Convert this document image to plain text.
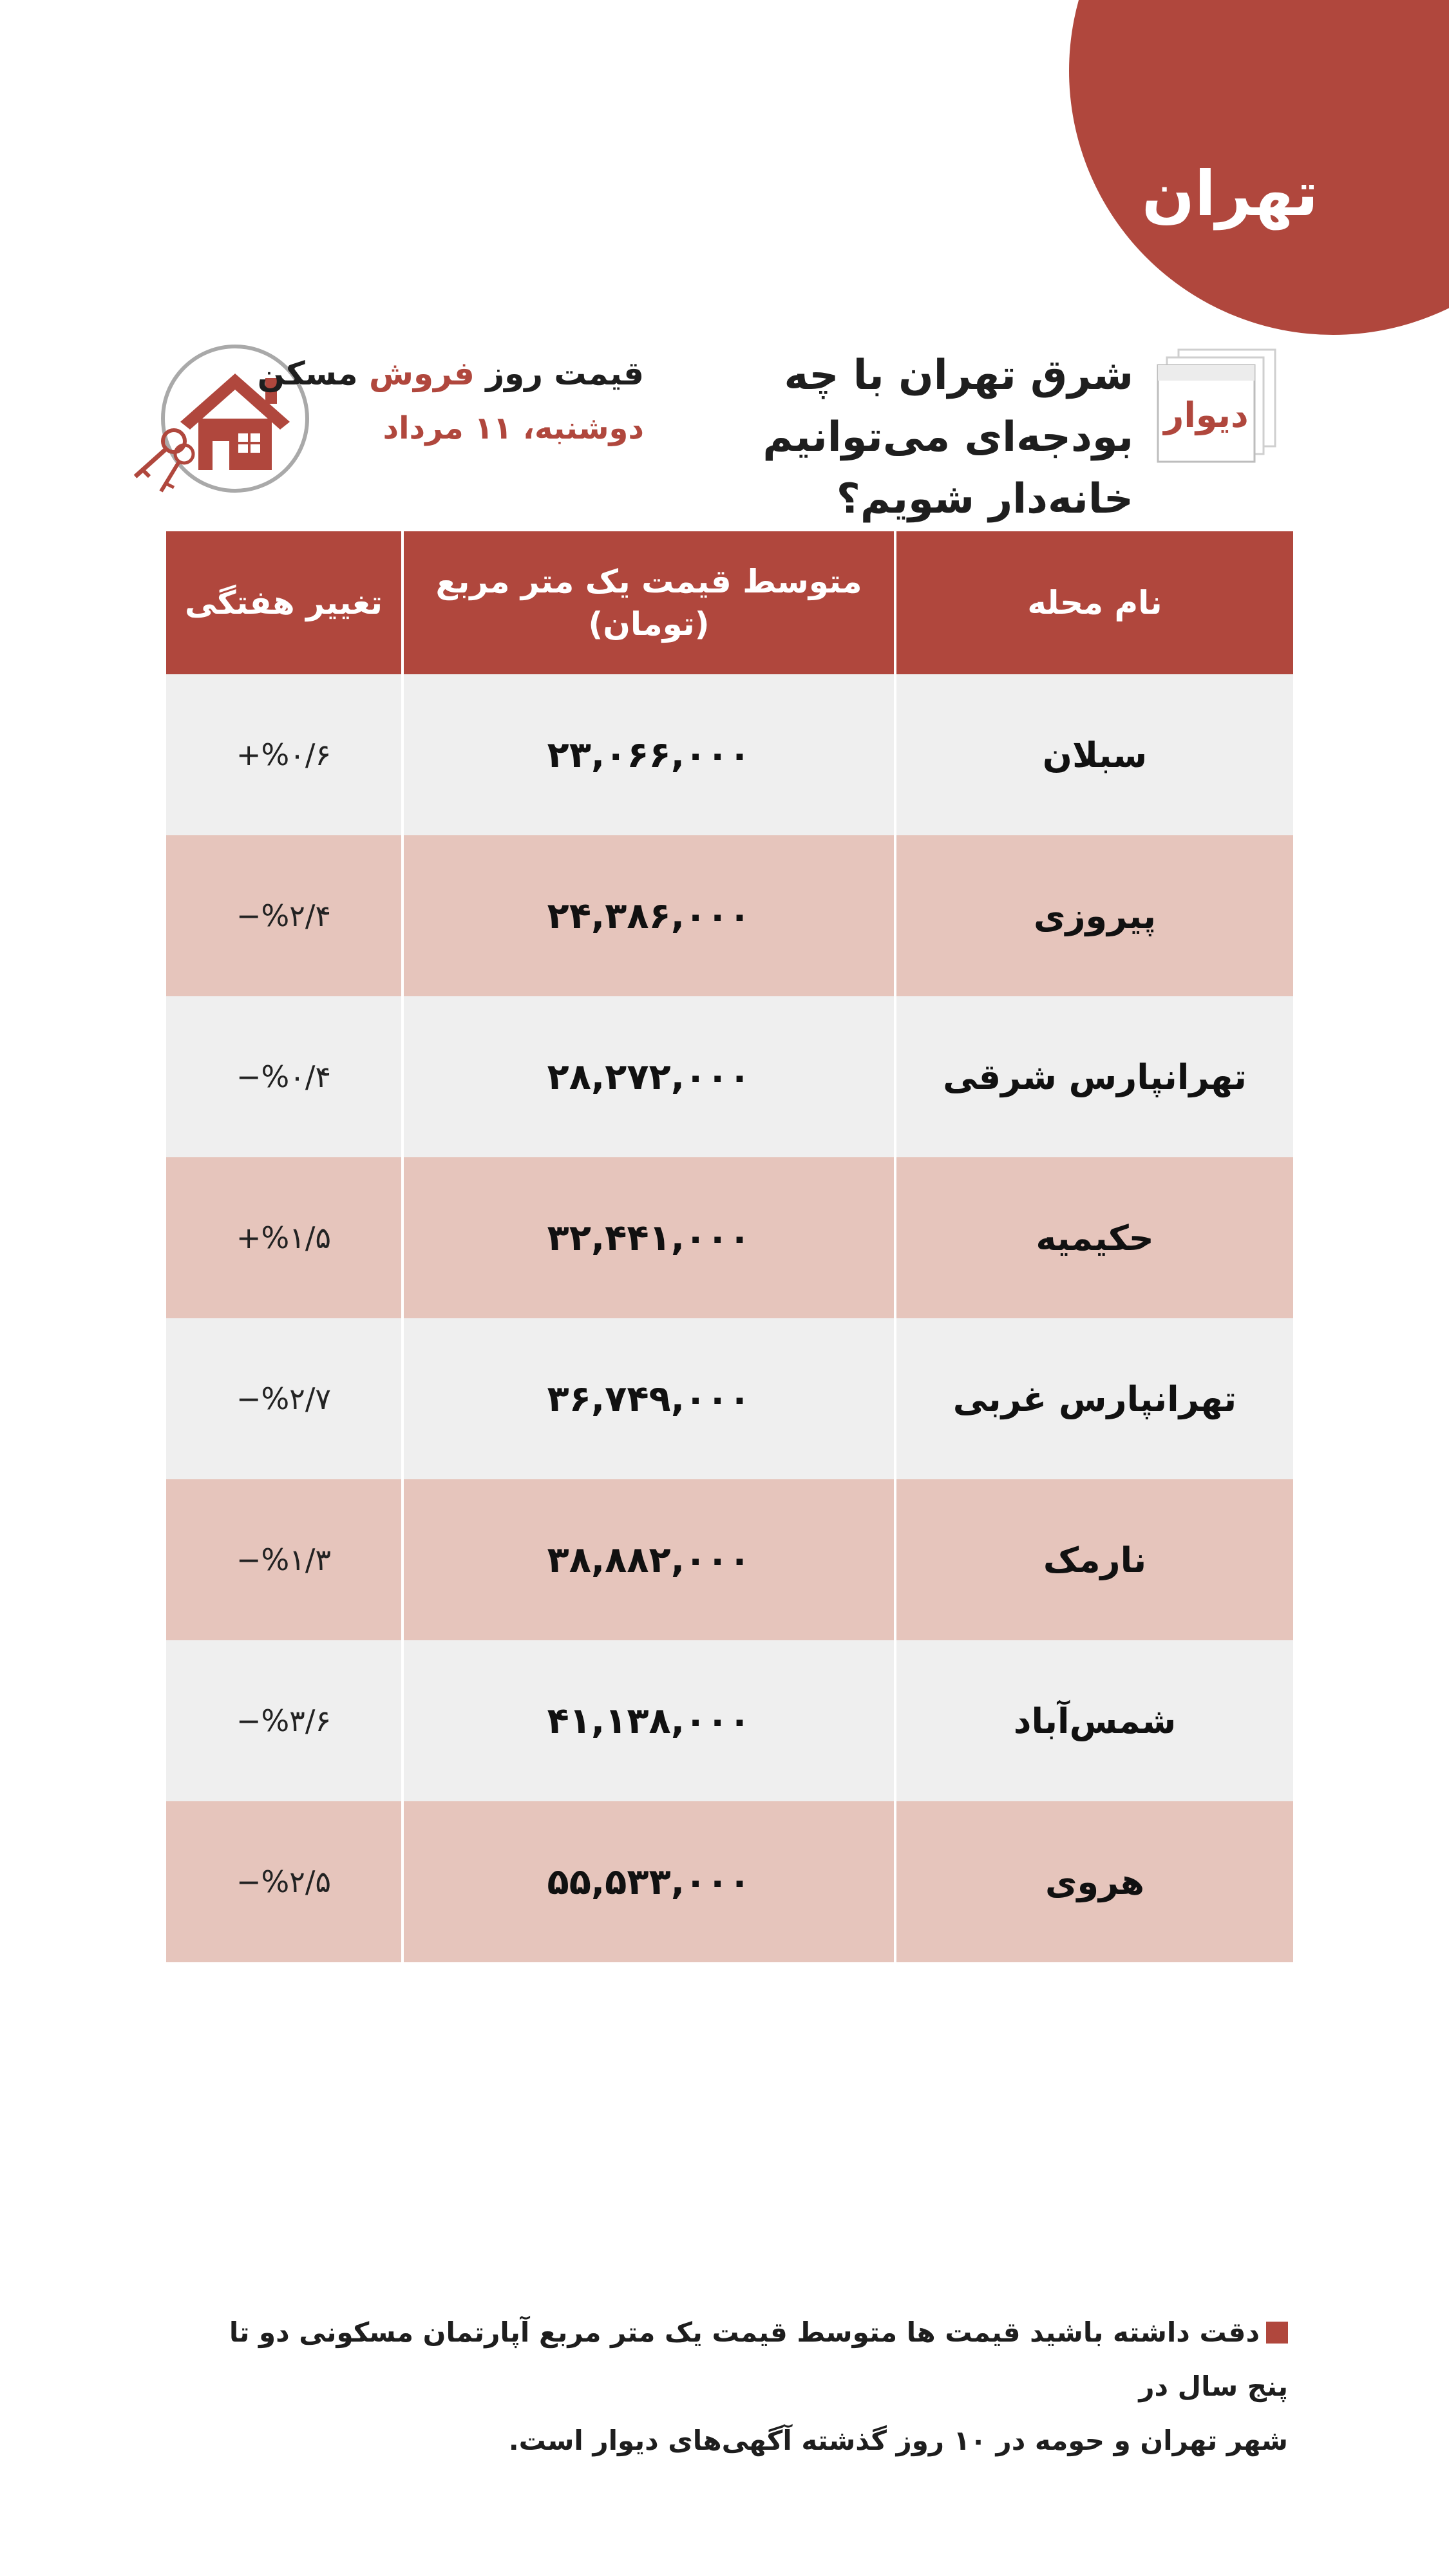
تهران
دیوار
شرق تهران با چه
بودجه‌ای می‌توانیم
خانه‌دار شویم؟
قیمت روز فروش مسکن
دوشنبه، ۱۱ مرداد
نام محله
متوسط قیمت یک متر مربع
(تومان)
تغییر هفتگی
سبلان
۲۳,۰۶۶,۰۰۰
+%۰/۶
پیروزی
۲۴,۳۸۶,۰۰۰
−%۲/۴
تهرانپارس شرقی
۲۸,۲۷۲,۰۰۰
−%۰/۴
حکیمیه
۳۲,۴۴۱,۰۰۰
+%۱/۵
تهرانپارس غربی
۳۶,۷۴۹,۰۰۰
−%۲/۷
نارمک
۳۸,۸۸۲,۰۰۰
−%۱/۳
شمس‌آباد
۴۱,۱۳۸,۰۰۰
−%۳/۶
هروی
۵۵,۵۳۳,۰۰۰
−%۲/۵
دقت داشته باشید قیمت ها متوسط قیمت یک متر مربع آپارتمان مسکونی دو تا پنج سال در
شهر تهران و حومه در ۱۰ روز گذشته آگهی‌های دیوار است.
